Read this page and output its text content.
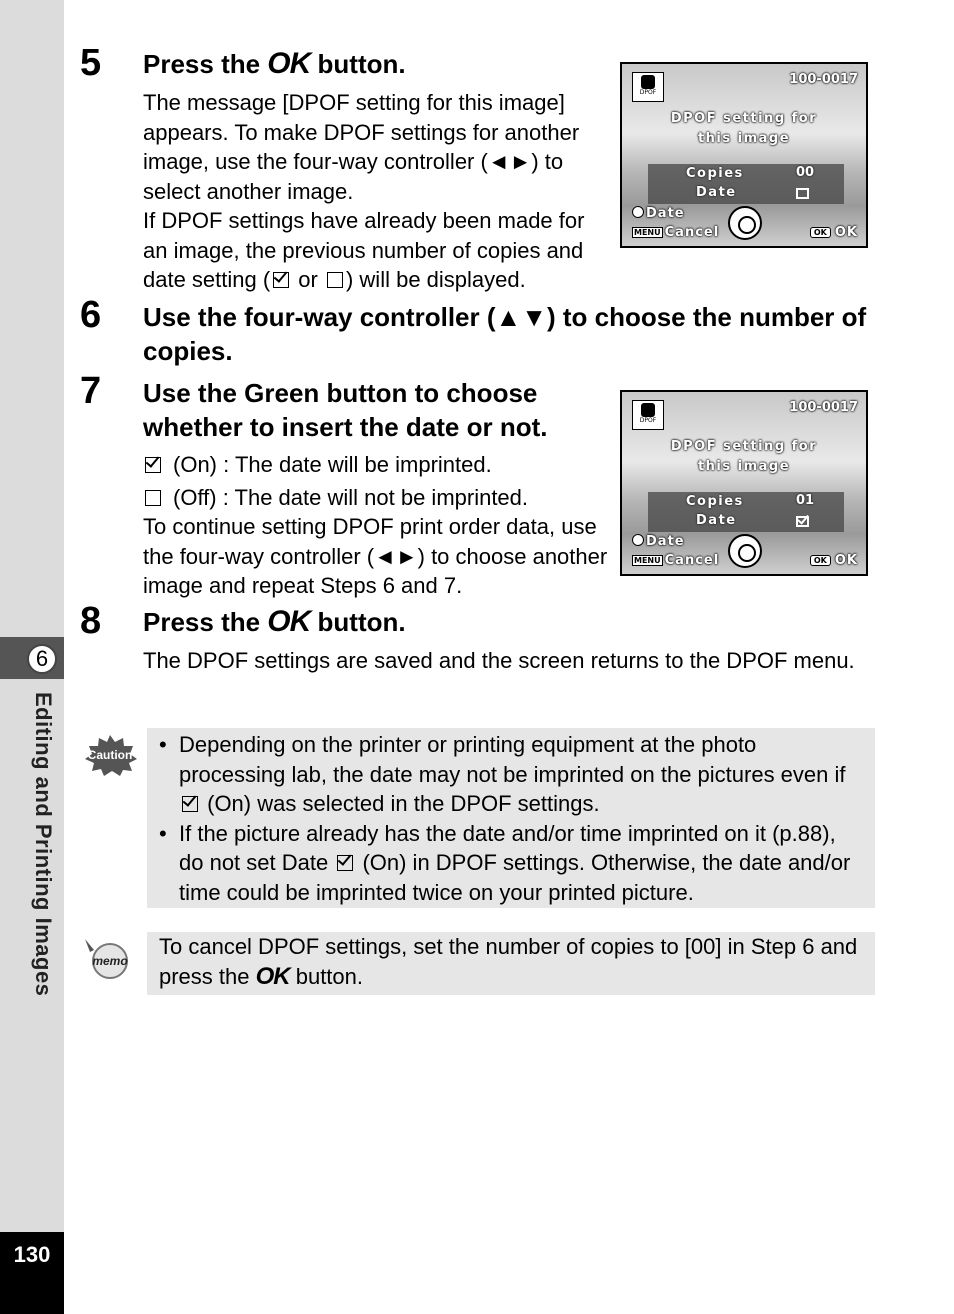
6
Editing and Printing Images
130
5 Press the OK button.

The message [DPOF setting for this image] appears. To make DPOF settings for another image, use the four-way controller (◄►) to select another image.

If DPOF settings have already been made for an image, the previous number of copies and date setting ( or ) will be displayed.

DPOF
100-0017
DPOF setting for
this image
Copies	00
Date
Date
MENU Cancel	OK OK
6 Use the four-way controller (▲▼) to choose the number of copies.
7 Use the Green button to choose whether to insert the date or not.

(On) : The date will be imprinted.

(Off) : The date will not be imprinted.

To continue setting DPOF print order data, use the four-way controller (◄►) to choose another image and repeat Steps 6 and 7.

DPOF
100-0017
DPOF setting for
this image
Copies	01
Date
Date
MENU Cancel	OK OK
8 Press the OK button.
The DPOF settings are saved and the screen returns to the DPOF menu.
Caution
•	Depending on the printer or printing equipment at the photo processing lab, the date may not be imprinted on the pictures even if  (On) was selected in the DPOF settings.
• If the picture already has the date and/or time imprinted on it (p.88), do not set Date  (On) in DPOF settings. Otherwise, the date and/or time could be imprinted twice on your printed picture.
memo
To cancel DPOF settings, set the number of copies to [00] in Step 6 and press the OK button.
